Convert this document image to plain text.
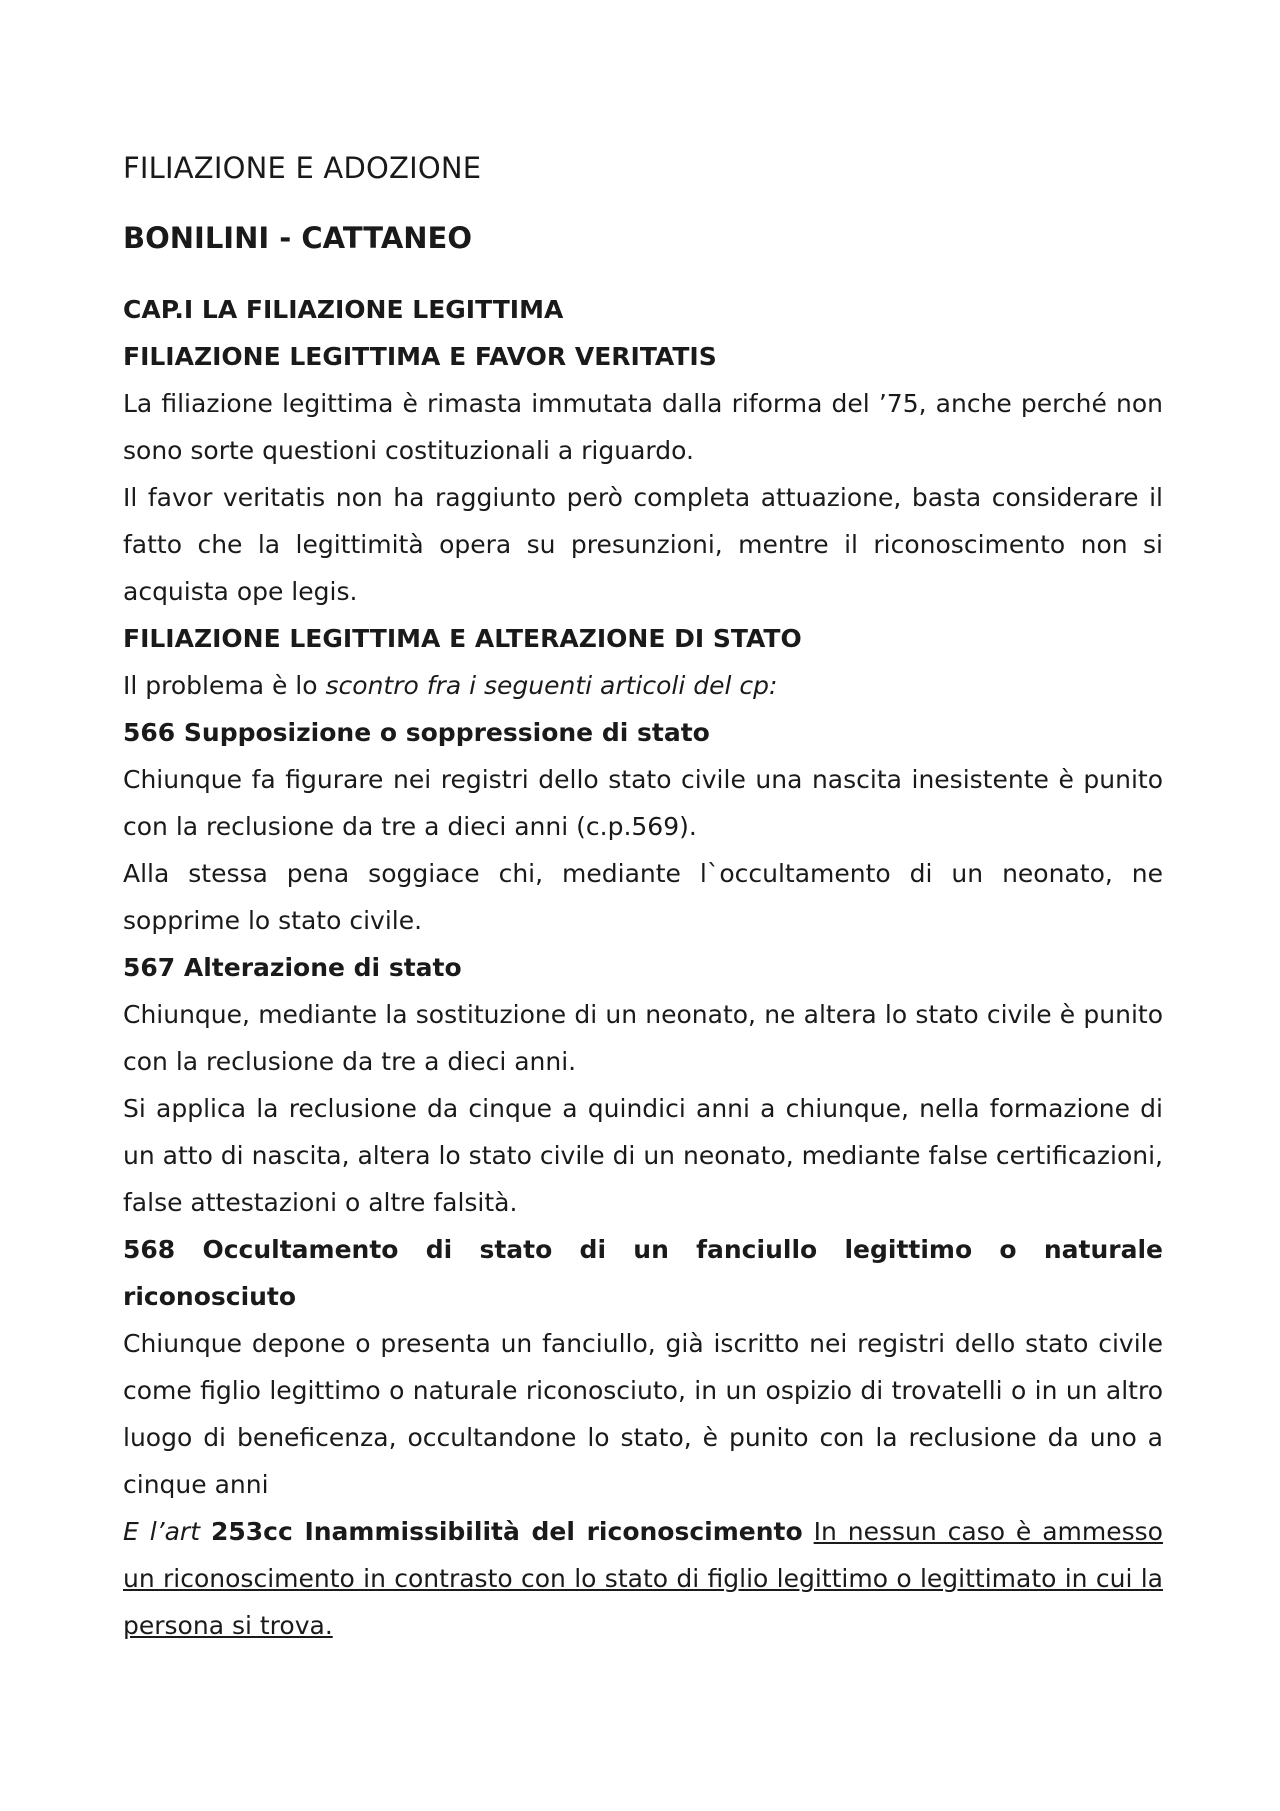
FILIAZIONE E ADOZIONE
BONILINI - CATTANEO
CAP.I LA FILIAZIONE LEGITTIMA
FILIAZIONE LEGITTIMA E FAVOR VERITATIS

La filiazione legittima è rimasta immutata dalla riforma del ’75, anche perché non sono sorte questioni costituzionali a riguardo.

Il favor veritatis non ha raggiunto però completa attuazione, basta considerare il fatto che la legittimità opera su presunzioni, mentre il riconoscimento non si acquista ope legis.

FILIAZIONE LEGITTIMA E ALTERAZIONE DI STATO

Il problema è lo scontro fra i seguenti articoli del cp:

566 Supposizione o soppressione di stato

Chiunque fa figurare nei registri dello stato civile una nascita inesistente è punito con la reclusione da tre a dieci anni (c.p.569).

Alla stessa pena soggiace chi, mediante l`occultamento di un neonato, ne sopprime lo stato civile.

567 Alterazione di stato

Chiunque, mediante la sostituzione di un neonato, ne altera lo stato civile è punito con la reclusione da tre a dieci anni.

Si applica la reclusione da cinque a quindici anni a chiunque, nella formazione di un atto di nascita, altera lo stato civile di un neonato, mediante false certificazioni, false attestazioni o altre falsità.

568 Occultamento di stato di un fanciullo legittimo o naturale riconosciuto

Chiunque depone o presenta un fanciullo, già iscritto nei registri dello stato civile come figlio legittimo o naturale riconosciuto, in un ospizio di trovatelli o in un altro luogo di beneficenza, occultandone lo stato, è punito con la reclusione da uno a cinque anni

E l’art 253cc Inammissibilità del riconoscimento In nessun caso è ammesso un riconoscimento in contrasto con lo stato di figlio legittimo o legittimato in cui la persona si trova.
